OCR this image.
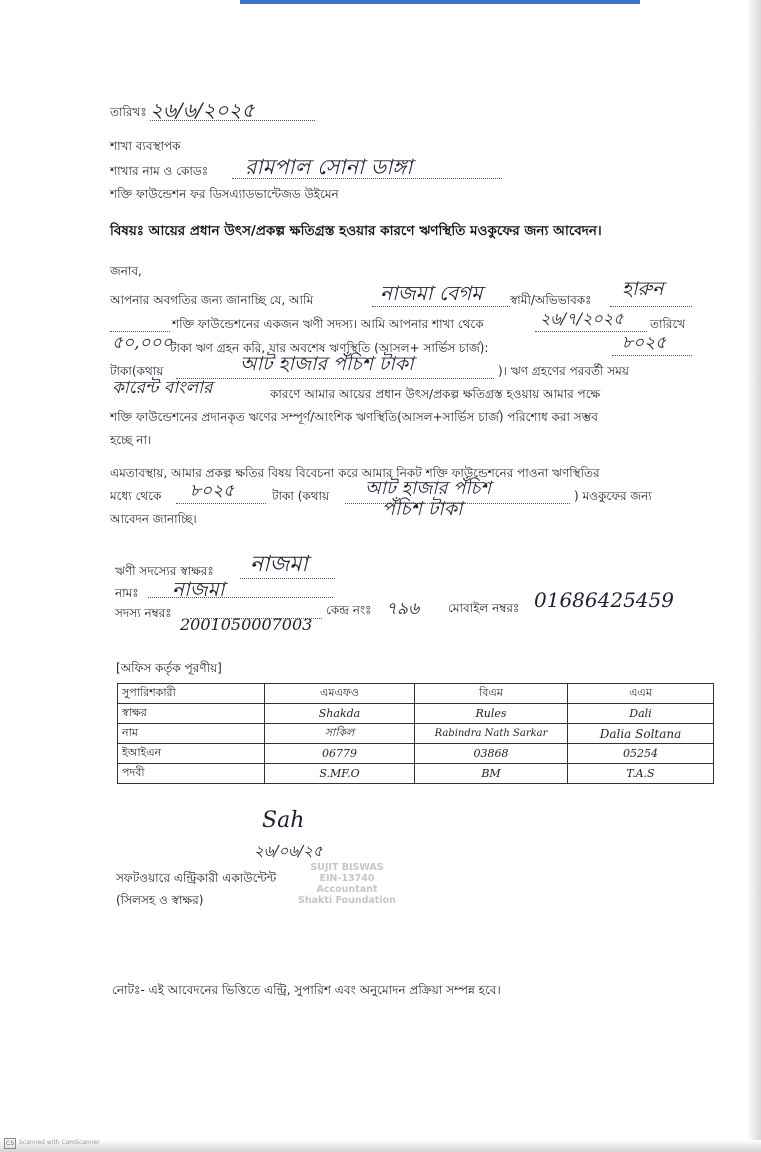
তারিখঃ ২৬/৬/২০২৫
শাখা ব্যবস্থাপক
শাখার নাম ও কোডঃ রামপাল সোনা ডাঙ্গা
শক্তি ফাউন্ডেশন ফর ডিসএ্যাডভান্টেজড উইমেন
বিষয়ঃ আয়ের প্রধান উৎস/প্রকল্প ক্ষতিগ্রস্ত হওয়ার কারণে ঋণস্থিতি মওকুফের জন্য আবেদন।
জনাব,
আপনার অবগতির জন্য জানাচ্ছি যে, আমি	নাজমা বেগম স্বামী/অভিভাবকঃ হারুন
শক্তি ফাউন্ডেশনের একজন ঋণী সদস্য। আমি আপনার শাখা থেকে	২৬/৭/২০২৫ তারিখে
৫০,০০০
টাকা ঋণ গ্রহন করি, যার অবশেষ ঋণস্থিতি (আসল+ সার্ভিস চার্জ):	৮০২৫
টাকা(কথায়	আট হাজার পঁচিশ টাকা	)। ঋণ গ্রহণের পরবর্তী সময়
কারেন্ট বাংলার	কারণে আমার আয়ের প্রধান উৎস/প্রকল্প ক্ষতিগ্রস্ত হওয়ায় আমার পক্ষে
শক্তি ফাউন্ডেশনের প্রদানকৃত ঋণের সম্পূর্ণ/আংশিক ঋণস্থিতি(আসল+সার্ভিস চার্জ) পরিশোধ করা সম্ভব
হচ্ছে না।
এমতাবস্থায়, আমার প্রকল্প ক্ষতির বিষয় বিবেচনা করে আমার নিকট শক্তি ফাউন্ডেশনের পাওনা ঋণস্থিতির
মধ্যে থেকে ৮০২৫	টাকা (কথায় আট হাজার পঁচিশ	) মওকুফের জন্য
আবেদন জানাচ্ছি।	পঁচিশ টাকা
ঋণী সদস্যের স্বাক্ষরঃ নাজমা
নামঃ নাজমা
সদস্য নম্বরঃ
2001050007003
কেন্দ্র নংঃ ৭৯৬ মোবাইল নম্বরঃ 01686425459
[অফিস কর্তৃক পূরণীয়]
সুপারিশকারী	এমএফও	বিএম	এএম
স্বাক্ষর	Shakda	Rules	Dali
নাম	সাকিল	Rabindra Nath Sarkar	Dalia Soltana
ইআইএন	06779	03868	05254
পদবী	S.MF.O	BM	T.A.S
Sah
২৬/০৬/২৫
SUJIT BISWAS
EIN-13740
Accountant
Shakti Foundation
সফটওয়ারে এন্ট্রিকারী একাউন্টেন্ট
(সিলসহ ও স্বাক্ষর)
নোটঃ- এই আবেদনের ভিত্তিতে এন্ট্রি, সুপারিশ এবং অনুমোদন প্রক্রিয়া সম্পন্ন হবে।
CS Scanned with CamScanner
